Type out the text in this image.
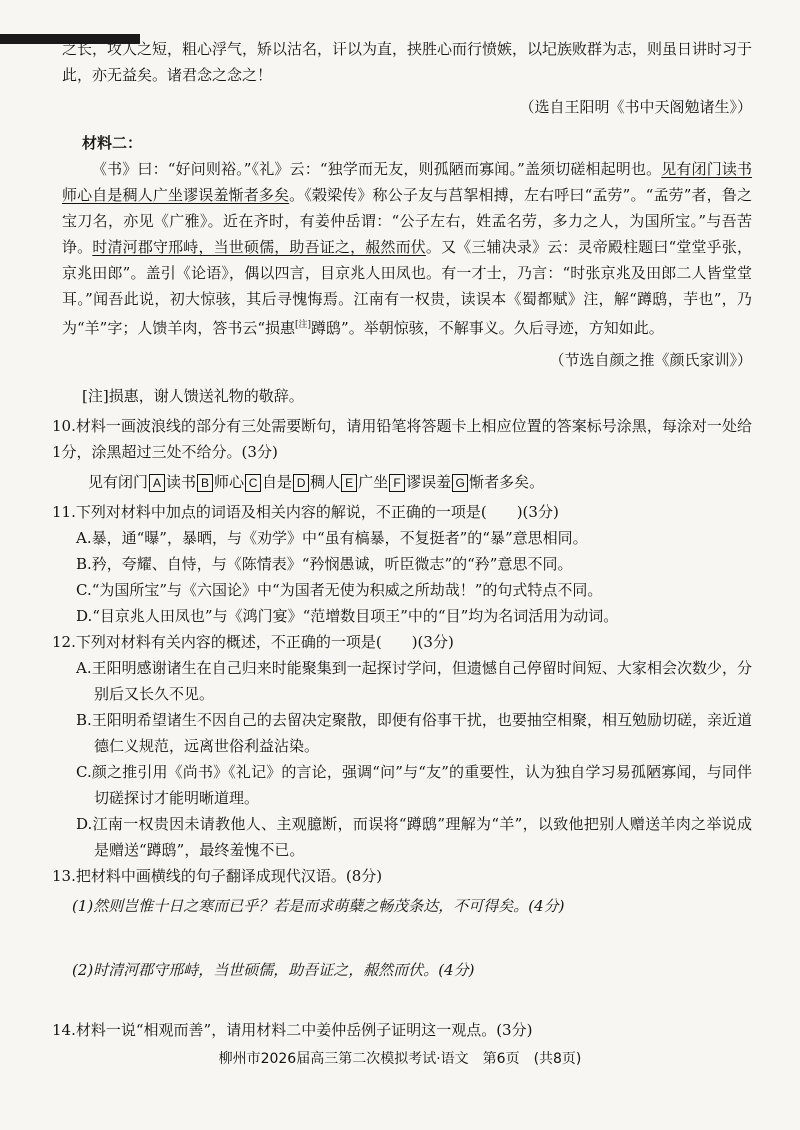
之长，攻人之短，粗心浮气，矫以沽名，讦以为直，挟胜心而行愤嫉，以圮族败群为志，则虽日讲时习于此，亦无益矣。诸君念之念之！

（选自王阳明《书中天阁勉诸生》）

材料二：

《书》曰：“好问则裕。”《礼》云：“独学而无友，则孤陋而寡闻。”盖须切磋相起明也。见有闭门读书师心自是稠人广坐谬误羞惭者多矣。《榖梁传》称公子友与莒挐相搏，左右呼曰“孟劳”。“孟劳”者，鲁之宝刀名，亦见《广雅》。近在齐时，有姜仲岳谓：“公子左右，姓孟名劳，多力之人，为国所宝。”与吾苦诤。时清河郡守邢峙，当世硕儒，助吾证之，赧然而伏。又《三辅决录》云：灵帝殿柱题曰“堂堂乎张，京兆田郎”。盖引《论语》，偶以四言，目京兆人田凤也。有一才士，乃言：“时张京兆及田郎二人皆堂堂耳。”闻吾此说，初大惊骇，其后寻愧悔焉。江南有一权贵，读误本《蜀都赋》注，解“蹲鸱，芋也”，乃为“羊”字；人馈羊肉，答书云“损惠[注]蹲鸱”。举朝惊骇，不解事义。久后寻迹，方知如此。

（节选自颜之推《颜氏家训》）

[注]损惠，谢人馈送礼物的敬辞。

10.材料一画波浪线的部分有三处需要断句，请用铅笔将答题卡上相应位置的答案标号涂黑，每涂对一处给1分，涂黑超过三处不给分。(3分)

见有闭门 A 读书 B 师心 C 自是 D 稠人 E 广坐 F 谬误羞 G 惭者多矣。

11.下列对材料中加点的词语及相关内容的解说，不正确的一项是(　　)(3分)

A.暴，通“曝”，暴晒，与《劝学》中“虽有槁暴，不复挺者”的“暴”意思相同。

B.矜，夸耀、自恃，与《陈情表》“矜悯愚诚，听臣微志”的“矜”意思不同。

C.“为国所宝”与《六国论》中“为国者无使为积威之所劫哉！”的句式特点不同。

D.“目京兆人田凤也”与《鸿门宴》“范增数目项王”中的“目”均为名词活用为动词。

12.下列对材料有关内容的概述，不正确的一项是(　　)(3分)

A.王阳明感谢诸生在自己归来时能聚集到一起探讨学问，但遗憾自己停留时间短、大家相会次数少，分别后又长久不见。

B.王阳明希望诸生不因自己的去留决定聚散，即便有俗事干扰，也要抽空相聚，相互勉励切磋，亲近道德仁义规范，远离世俗利益沾染。

C.颜之推引用《尚书》《礼记》的言论，强调“问”与“友”的重要性，认为独自学习易孤陋寡闻，与同伴切磋探讨才能明晰道理。

D.江南一权贵因未请教他人、主观臆断，而误将“蹲鸱”理解为“羊”，以致他把别人赠送羊肉之举说成是赠送“蹲鸱”，最终羞愧不已。

13.把材料中画横线的句子翻译成现代汉语。(8分)

(1)然则岂惟十日之寒而已乎？若是而求萌蘖之畅茂条达，不可得矣。(4分)

(2)时清河郡守邢峙，当世硕儒，助吾证之，赧然而伏。(4分)

14.材料一说“相观而善”，请用材料二中姜仲岳例子证明这一观点。(3分)

柳州市2026届高三第二次模拟考试·语文　第6页　(共8页)
